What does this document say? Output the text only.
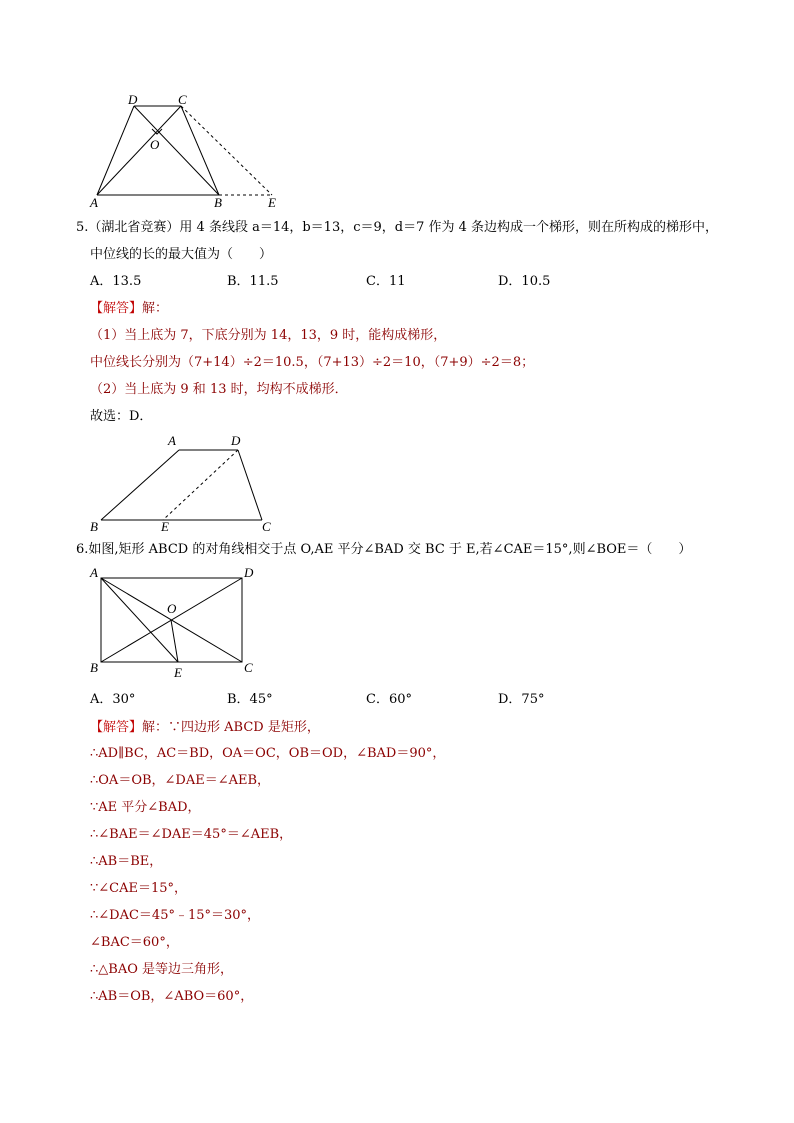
D	C
O
A	B	E
5.（湖北省竞赛）用 4 条线段 a＝14，b＝13，c＝9，d＝7 作为 4 条边构成一个梯形，则在所构成的梯形中，
中位线的长的最大值为（　　）
A．13.5	B．11.5	C．11	D．10.5
【解答】解：
（1）当上底为 7，下底分别为 14，13，9 时，能构成梯形，
中位线长分别为（7+14）÷2＝10.5，（7+13）÷2＝10，（7+9）÷2＝8；
（2）当上底为 9 和 13 时，均构不成梯形．
故选：D．
A	D
B	E	C
6.如图,矩形 ABCD 的对角线相交于点 O,AE 平分∠BAD 交 BC 于 E,若∠CAE＝15°,则∠BOE＝（　　）
A	D
O
B	E	C
A．30°	B．45°	C．60°	D．75°
【解答】解：∵四边形 ABCD 是矩形，
∴AD∥BC，AC＝BD，OA＝OC，OB＝OD，∠BAD＝90°，
∴OA＝OB，∠DAE＝∠AEB，
∵AE 平分∠BAD，
∴∠BAE＝∠DAE＝45°＝∠AEB，
∴AB＝BE，
∵∠CAE＝15°，
∴∠DAC＝45°﹣15°＝30°，
∠BAC＝60°，
∴△BAO 是等边三角形，
∴AB＝OB，∠ABO＝60°，
